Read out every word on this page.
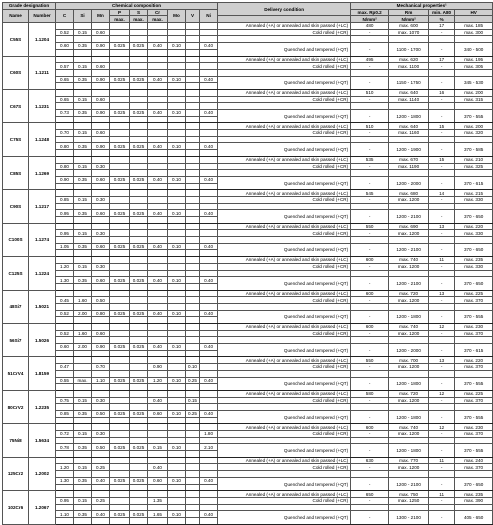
Grade designation		Chemical composition									Delivery condition	Mechanical properties¹			
Name	Number	C	Si	Mn	P	S	Cr	Mo	V	Ni		max. Rp0.2	Rm	min. A80	HV
					max.	max.	max.					N/mm²	N/mm²	%	
C55S	1.1204										Annealed (+A) or annealed and skin passed (+LC)	480	max. 600	17	max. 185
		0.52	0.15	0.60							Cold rolled (+CR)	-	max. 1070	-	max. 300

		0.60	0.35	0.90	0.025	0.025	0.40	0.10		0.40	Quenched and tempered (+QT)	-	1100 - 1700	-	340 - 500

C60S	1.1211										Annealed (+A) or annealed and skin passed (+LC)	495	max. 620	17	max. 195
		0.57	0.15	0.60							Cold rolled (+CR)	-	max. 1100	-	max. 305

		0.65	0.35	0.90	0.025	0.025	0.40	0.10		0.40	Quenched and tempered (+QT)	-	1150 - 1750	-	345 - 530

C67S	1.1231										Annealed (+A) or annealed and skin passed (+LC)	510	max. 640	16	max. 200
		0.65	0.15	0.60							Cold rolled (+CR)	-	max. 1140	-	max. 315

		0.73	0.35	0.90	0.025	0.025	0.40	0.10		0.40	Quenched and tempered (+QT)	-	1200 - 1800	-	370 - 555

C75S	1.1248										Annealed (+A) or annealed and skin passed (+LC)	510	max. 640	15	max. 200
		0.70	0.15	0.60							Cold rolled (+CR)	-	max. 1160	-	max. 320

		0.80	0.35	0.90	0.025	0.025	0.40	0.10		0.40	Quenched and tempered (+QT)	-	1200 - 1900	-	370 - 585

C85S	1.1269										Annealed (+A) or annealed and skin passed (+LC)	535	max. 670	15	max. 210
		0.80	0.15	0.30							Cold rolled (+CR)	-	max. 1190	-	max. 325

		0.90	0.35	0.60	0.025	0.025	0.40	0.10		0.40	Quenched and tempered (+QT)	-	1200 - 2000	-	370 - 615

C90S	1.1217										Annealed (+A) or annealed and skin passed (+LC)	545	max. 680	14	max. 215
		0.85	0.15	0.30							Cold rolled (+CR)	-	max. 1200	-	max. 330

		0.95	0.35	0.60	0.025	0.025	0.40	0.10		0.40	Quenched and tempered (+QT)	-	1200 - 2100	-	370 - 650

C100S	1.1274										Annealed (+A) or annealed and skin passed (+LC)	550	max. 690	13	max. 220
		0.95	0.15	0.30							Cold rolled (+CR)	-	max. 1200	-	max. 330

		1.05	0.35	0.60	0.025	0.025	0.40	0.10		0.40	Quenched and tempered (+QT)	-	1200 - 2100	-	370 - 650

C125S	1.1224										Annealed (+A) or annealed and skin passed (+LC)	600	max. 740	11	max. 235
		1.20	0.15	0.30							Cold rolled (+CR)	-	max. 1200	-	max. 330

		1.30	0.35	0.60	0.025	0.025	0.40	0.10		0.40	Quenched and tempered (+QT)	-	1200 - 2100	-	370 - 650

48Si7	1.5021										Annealed (+A) or annealed and skin passed (+LC)	600	max. 720	13	max. 225
		0.45	1.60	0.50							Cold rolled (+CR)	-	max. 1200	-	max. 370

		0.52	2.00	0.80	0.025	0.025	0.40	0.10		0.40	Quenched and tempered (+QT)	-	1200 - 1800	-	370 - 555

56Si7	1.5026										Annealed (+A) or annealed and skin passed (+LC)	600	max. 740	12	max. 230
		0.52	1.60	0.60							Cold rolled (+CR)	-	max. 1200	-	max. 370

		0.60	2.00	0.90	0.025	0.025	0.40	0.10		0.40	Quenched and tempered (+QT)	-	1200 - 2000	-	370 - 615

51CrV4	1.8159										Annealed (+A) or annealed and skin passed (+LC)	550	max. 700	13	max. 220
		0.47		0.70			0.90		0.10		Cold rolled (+CR)	-	max. 1200	-	max. 370

		0.55	max.	1.10	0.025	0.025	1.20	0.10	0.25	0.40	Quenched and tempered (+QT)	-	1200 - 1800	-	370 - 555

80CrV2	1.2235										Annealed (+A) or annealed and skin passed (+LC)	580	max. 720	12	max. 225
		0.75	0.15	0.30			0.40		0.15		Cold rolled (+CR)	-	max. 1200	-	max. 370

		0.85	0.35	0.50	0.025	0.025	0.60	0.10	0.25	0.40	Quenched and tempered (+QT)	-	1200 - 1800	-	370 - 555

75Ni8	1.5634										Annealed (+A) or annealed and skin passed (+LC)	600	max. 740	12	max. 230
		0.72	0.15	0.30						1.80	Cold rolled (+CR)	-	max. 1200	-	max. 370

		0.78	0.35	0.50	0.025	0.025	0.15	0.10		2.10	Quenched and tempered (+QT)	-	1200 - 1800	-	370 - 555

125Cr2	1.2002										Annealed (+A) or annealed and skin passed (+LC)	630	max. 770	11	max. 240
		1.20	0.15	0.25			0.40				Cold rolled (+CR)	-	max. 1200	-	max. 370

		1.30	0.35	0.40	0.025	0.025	0.60	0.10		0.40	Quenched and tempered (+QT)	-	1200 - 2100	-	370 - 650

102Cr6	1.2067										Annealed (+A) or annealed and skin passed (+LC)	650	max. 750	11	max. 235
		0.95	0.15	0.25			1.35				Cold rolled (+CR)	-	max. 1250	-	max. 390

		1.10	0.35	0.40	0.025	0.025	1.65	0.10		0.40	Quenched and tempered (+QT)	-	1300 - 2100	-	405 - 650
